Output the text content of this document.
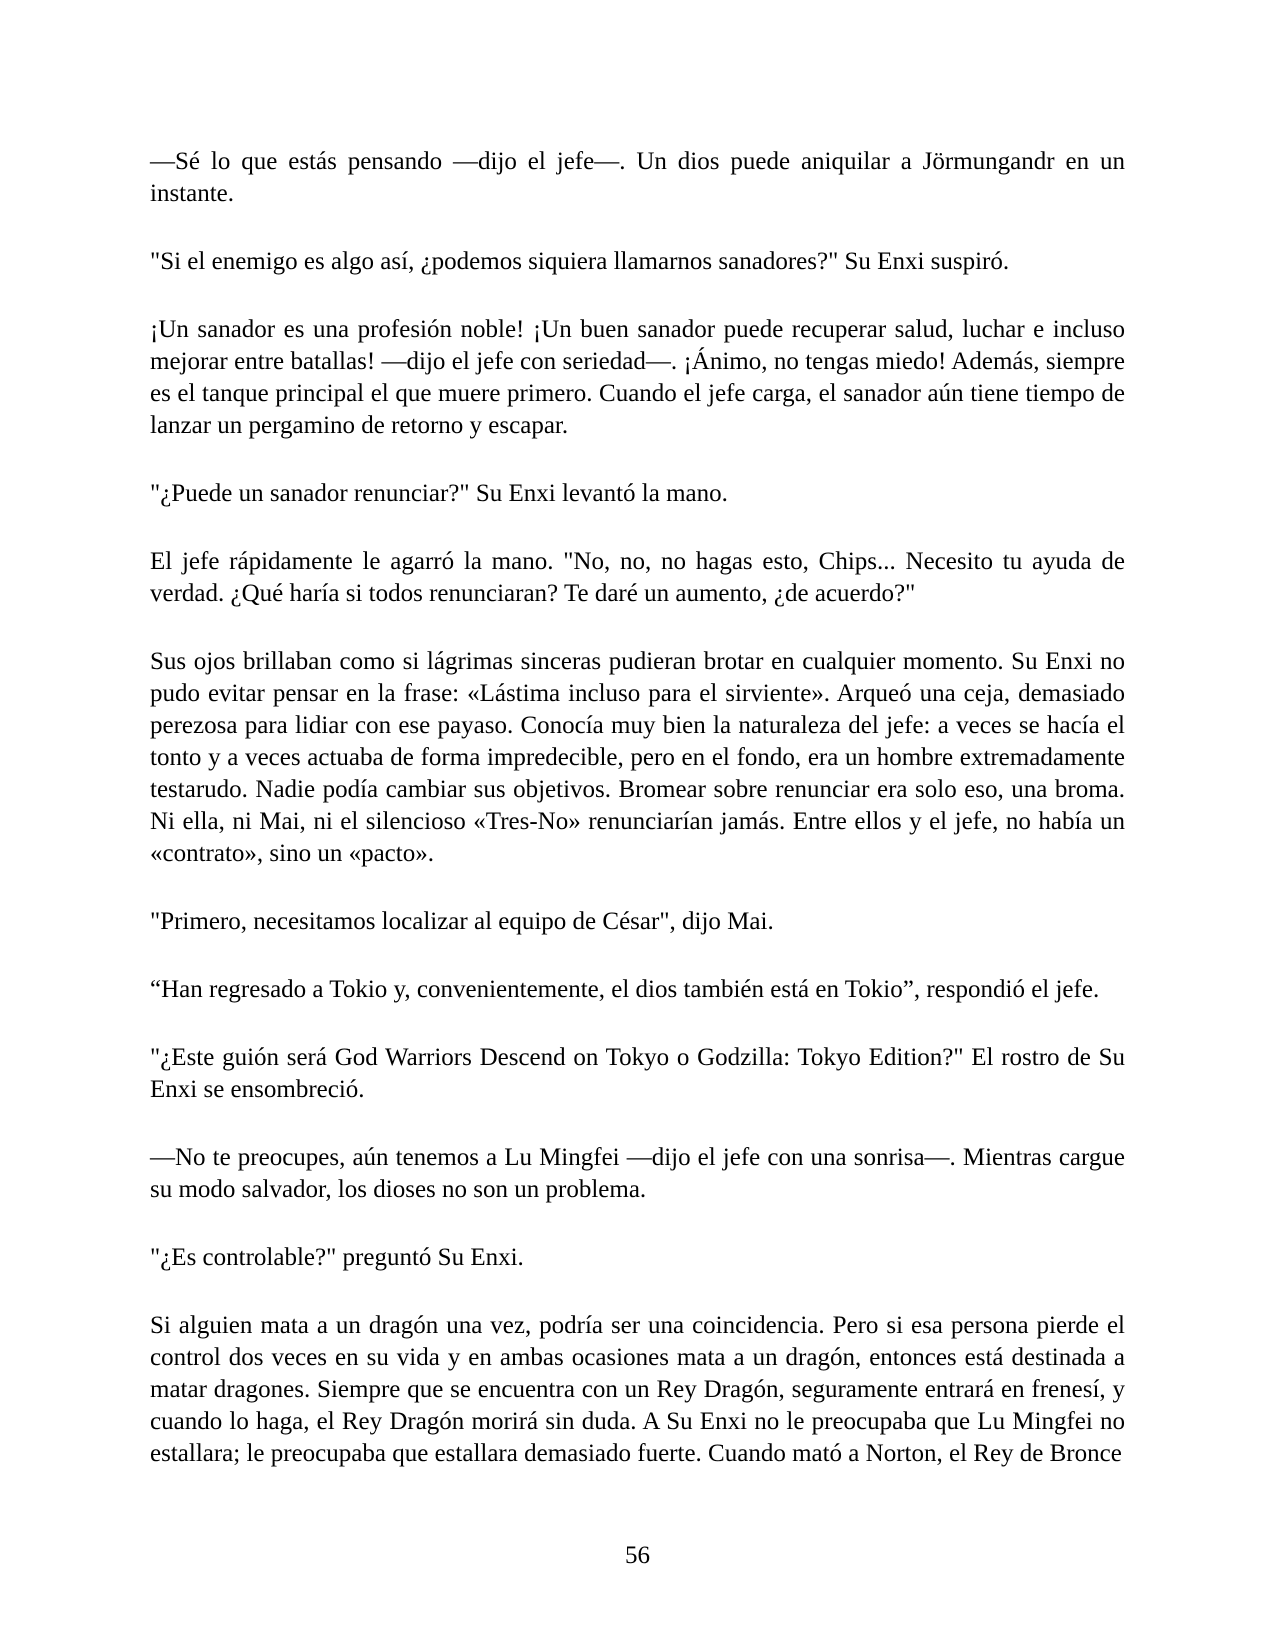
—Sé lo que estás pensando —dijo el jefe—. Un dios puede aniquilar a Jörmungandr en un instante.

"Si el enemigo es algo así, ¿podemos siquiera llamarnos sanadores?" Su Enxi suspiró.

¡Un sanador es una profesión noble! ¡Un buen sanador puede recuperar salud, luchar e incluso mejorar entre batallas! —dijo el jefe con seriedad—. ¡Ánimo, no tengas miedo! Además, siempre es el tanque principal el que muere primero. Cuando el jefe carga, el sanador aún tiene tiempo de lanzar un pergamino de retorno y escapar.

"¿Puede un sanador renunciar?" Su Enxi levantó la mano.

El jefe rápidamente le agarró la mano. "No, no, no hagas esto, Chips... Necesito tu ayuda de verdad. ¿Qué haría si todos renunciaran? Te daré un aumento, ¿de acuerdo?"

Sus ojos brillaban como si lágrimas sinceras pudieran brotar en cualquier momento. Su Enxi no pudo evitar pensar en la frase: «Lástima incluso para el sirviente». Arqueó una ceja, demasiado perezosa para lidiar con ese payaso. Conocía muy bien la naturaleza del jefe: a veces se hacía el tonto y a veces actuaba de forma impredecible, pero en el fondo, era un hombre extremadamente testarudo. Nadie podía cambiar sus objetivos. Bromear sobre renunciar era solo eso, una broma. Ni ella, ni Mai, ni el silencioso «Tres-No» renunciarían jamás. Entre ellos y el jefe, no había un «contrato», sino un «pacto».

"Primero, necesitamos localizar al equipo de César", dijo Mai.

“Han regresado a Tokio y, convenientemente, el dios también está en Tokio”, respondió el jefe.

"¿Este guión será God Warriors Descend on Tokyo o Godzilla: Tokyo Edition?" El rostro de Su Enxi se ensombreció.

—No te preocupes, aún tenemos a Lu Mingfei —dijo el jefe con una sonrisa—. Mientras cargue su modo salvador, los dioses no son un problema.

"¿Es controlable?" preguntó Su Enxi.

Si alguien mata a un dragón una vez, podría ser una coincidencia. Pero si esa persona pierde el control dos veces en su vida y en ambas ocasiones mata a un dragón, entonces está destinada a matar dragones. Siempre que se encuentra con un Rey Dragón, seguramente entrará en frenesí, y cuando lo haga, el Rey Dragón morirá sin duda. A Su Enxi no le preocupaba que Lu Mingfei no estallara; le preocupaba que estallara demasiado fuerte. Cuando mató a Norton, el Rey de Bronce

56
